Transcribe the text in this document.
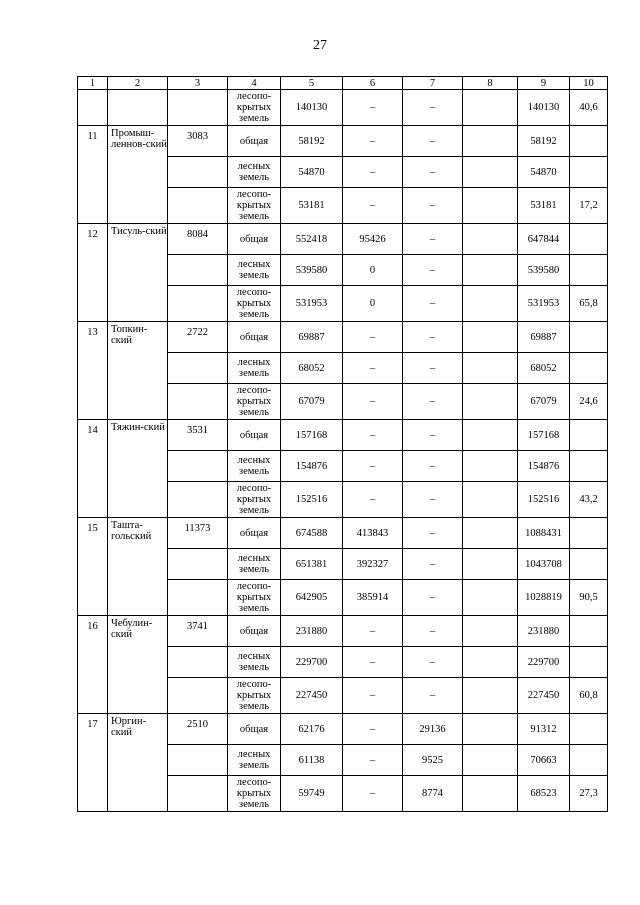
27
1	2	3	4	5	6	7	8	9	10
			лесопо-крытых земель	140130	–	–		140130	40,6
11	Промыш-леннов-ский	3083	общая	58192	–	–		58192	
			лесных земель	54870	–	–		54870	
			лесопо-крытых земель	53181	–	–		53181	17,2
12	Тисуль-ский	8084	общая	552418	95426	–		647844	
			лесных земель	539580	0	–		539580	
			лесопо-крытых земель	531953	0	–		531953	65,8
13	Топкин-ский	2722	общая	69887	–	–		69887	
			лесных земель	68052	–	–		68052	
			лесопо-крытых земель	67079	–	–		67079	24,6
14	Тяжин-ский	3531	общая	157168	–	–		157168	
			лесных земель	154876	–	–		154876	
			лесопо-крытых земель	152516	–	–		152516	43,2
15	Ташта-гольский	11373	общая	674588	413843	–		1088431	
			лесных земель	651381	392327	–		1043708	
			лесопо-крытых земель	642905	385914	–		1028819	90,5
16	Чебулин-ский	3741	общая	231880	–	–		231880	
			лесных земель	229700	–	–		229700	
			лесопо-крытых земель	227450	–	–		227450	60,8
17	Юргин-ский	2510	общая	62176	–	29136		91312	
			лесных земель	61138	–	9525		70663	
			лесопо-крытых земель	59749	–	8774		68523	27,3
